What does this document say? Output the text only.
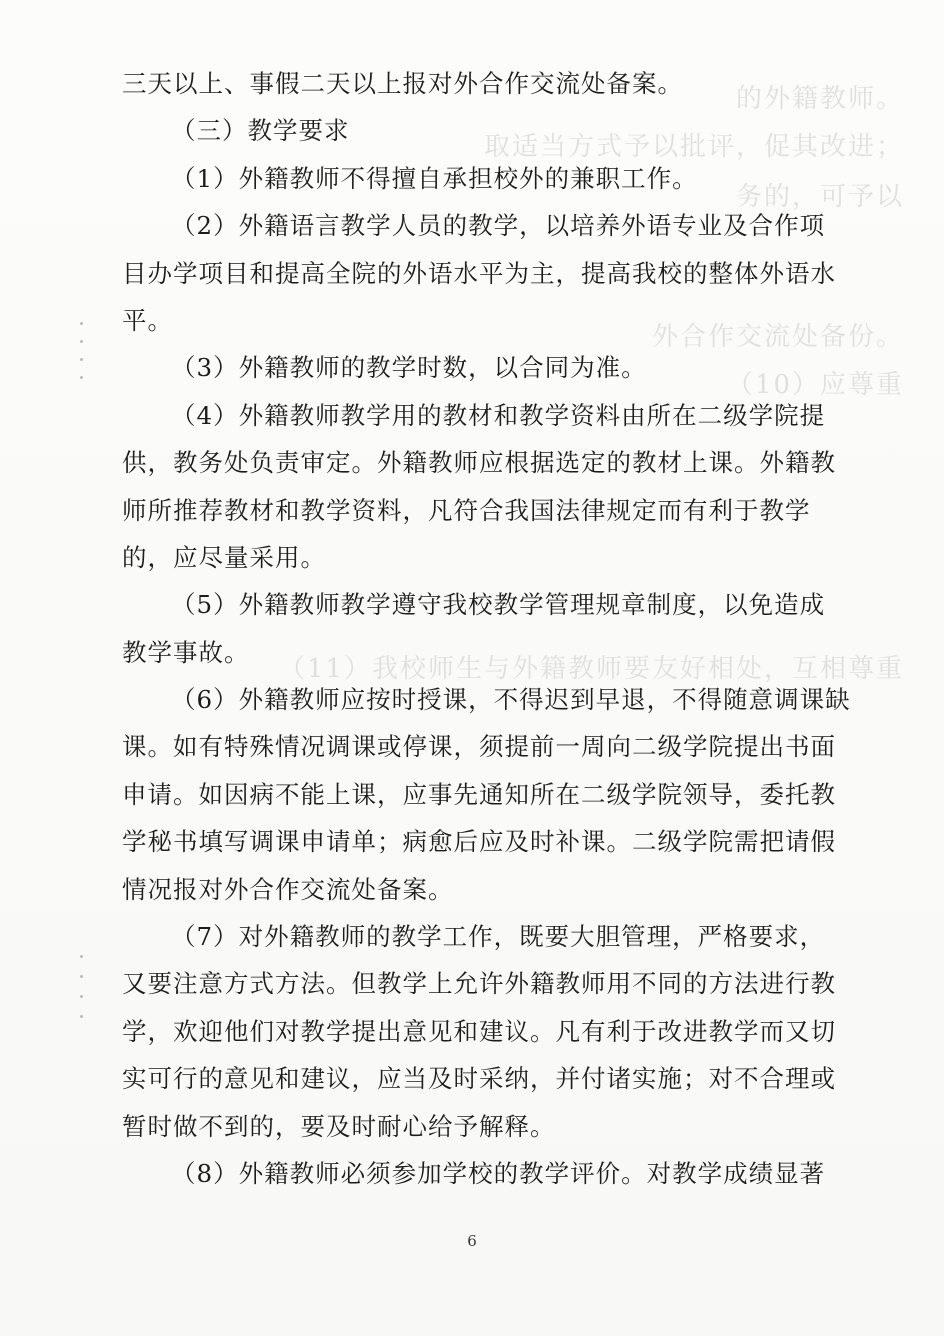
的外籍教师。
取适当方式予以批评，促其改进；
务的，可予以
外合作交流处备份。
（10）应尊重
（11）我校师生与外籍教师要友好相处，互相尊重
三天以上、事假二天以上报对外合作交流处备案。
（三）教学要求
（1）外籍教师不得擅自承担校外的兼职工作。
（2）外籍语言教学人员的教学，以培养外语专业及合作项
目办学项目和提高全院的外语水平为主，提高我校的整体外语水
平。
（3）外籍教师的教学时数，以合同为准。
（4）外籍教师教学用的教材和教学资料由所在二级学院提
供，教务处负责审定。外籍教师应根据选定的教材上课。外籍教
师所推荐教材和教学资料，凡符合我国法律规定而有利于教学
的，应尽量采用。
（5）外籍教师教学遵守我校教学管理规章制度，以免造成
教学事故。
（6）外籍教师应按时授课，不得迟到早退，不得随意调课缺
课。如有特殊情况调课或停课，须提前一周向二级学院提出书面
申请。如因病不能上课，应事先通知所在二级学院领导，委托教
学秘书填写调课申请单；病愈后应及时补课。二级学院需把请假
情况报对外合作交流处备案。
（7）对外籍教师的教学工作，既要大胆管理，严格要求，
又要注意方式方法。但教学上允许外籍教师用不同的方法进行教
学，欢迎他们对教学提出意见和建议。凡有利于改进教学而又切
实可行的意见和建议，应当及时采纳，并付诸实施；对不合理或
暂时做不到的，要及时耐心给予解释。
（8）外籍教师必须参加学校的教学评价。对教学成绩显著
6
